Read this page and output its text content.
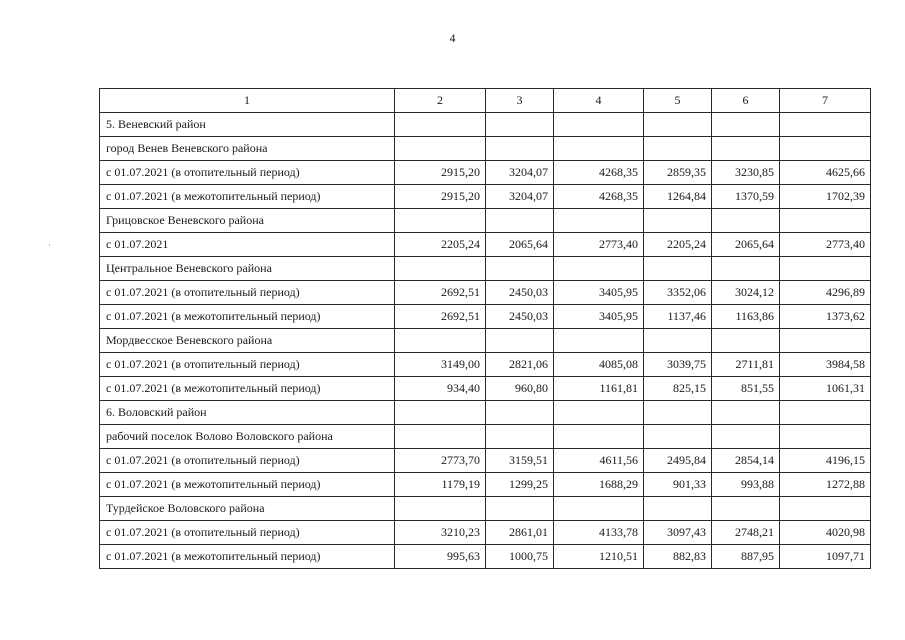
4
1	2	3	4	5	6	7
5. Веневский район						
город Венев Веневского района						
с 01.07.2021 (в отопительный период)	2915,20	3204,07	4268,35	2859,35	3230,85	4625,66
с 01.07.2021 (в межотопительный период)	2915,20	3204,07	4268,35	1264,84	1370,59	1702,39
Грицовское Веневского района						
с 01.07.2021	2205,24	2065,64	2773,40	2205,24	2065,64	2773,40
Центральное Веневского района						
с 01.07.2021 (в отопительный период)	2692,51	2450,03	3405,95	3352,06	3024,12	4296,89
с 01.07.2021 (в межотопительный период)	2692,51	2450,03	3405,95	1137,46	1163,86	1373,62
Мордвесское Веневского района						
с 01.07.2021 (в отопительный период)	3149,00	2821,06	4085,08	3039,75	2711,81	3984,58
с 01.07.2021 (в межотопительный период)	934,40	960,80	1161,81	825,15	851,55	1061,31
6. Воловский район						
рабочий поселок Волово Воловского района						
с 01.07.2021 (в отопительный период)	2773,70	3159,51	4611,56	2495,84	2854,14	4196,15
с 01.07.2021 (в межотопительный период)	1179,19	1299,25	1688,29	901,33	993,88	1272,88
Турдейское Воловского района						
с 01.07.2021 (в отопительный период)	3210,23	2861,01	4133,78	3097,43	2748,21	4020,98
с 01.07.2021 (в межотопительный период)	995,63	1000,75	1210,51	882,83	887,95	1097,71
·
